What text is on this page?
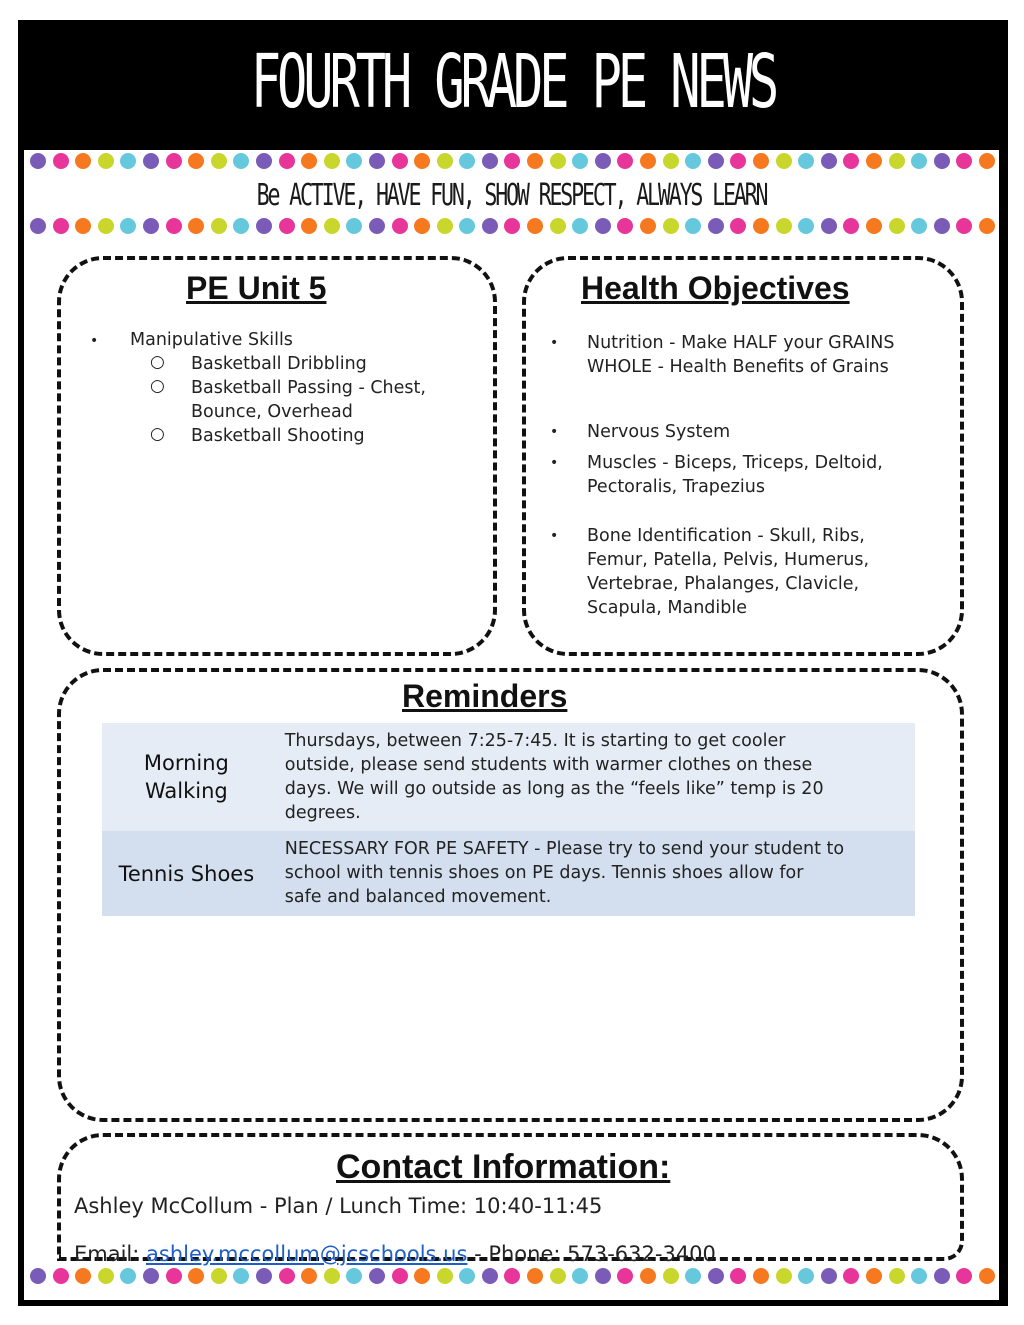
FOURTH GRADE PE NEWS
Be ACTIVE, HAVE FUN, SHOW RESPECT, ALWAYS LEARN
PE Unit 5
• Manipulative Skills
○ Basketball Dribbling
○ Basketball Passing - Chest,
Bounce, Overhead
○ Basketball Shooting
Health Objectives
• Nutrition - Make HALF your GRAINS
WHOLE - Health Benefits of Grains
• Nervous System
• Muscles - Biceps, Triceps, Deltoid,
Pectoralis, Trapezius
• Bone Identification - Skull, Ribs,
Femur, Patella, Pelvis, Humerus,
Vertebrae, Phalanges, Clavicle,
Scapula, Mandible
Reminders
Morning
Walking
Thursdays, between 7:25-7:45. It is starting to get cooler
outside, please send students with warmer clothes on these
days. We will go outside as long as the “feels like” temp is 20
degrees.
Tennis Shoes
NECESSARY FOR PE SAFETY - Please try to send your student to
school with tennis shoes on PE days. Tennis shoes allow for
safe and balanced movement.
Contact Information:
Ashley McCollum - Plan / Lunch Time: 10:40-11:45
Email: ashley.mccollum@jcschools.us - Phone: 573-632-3400
